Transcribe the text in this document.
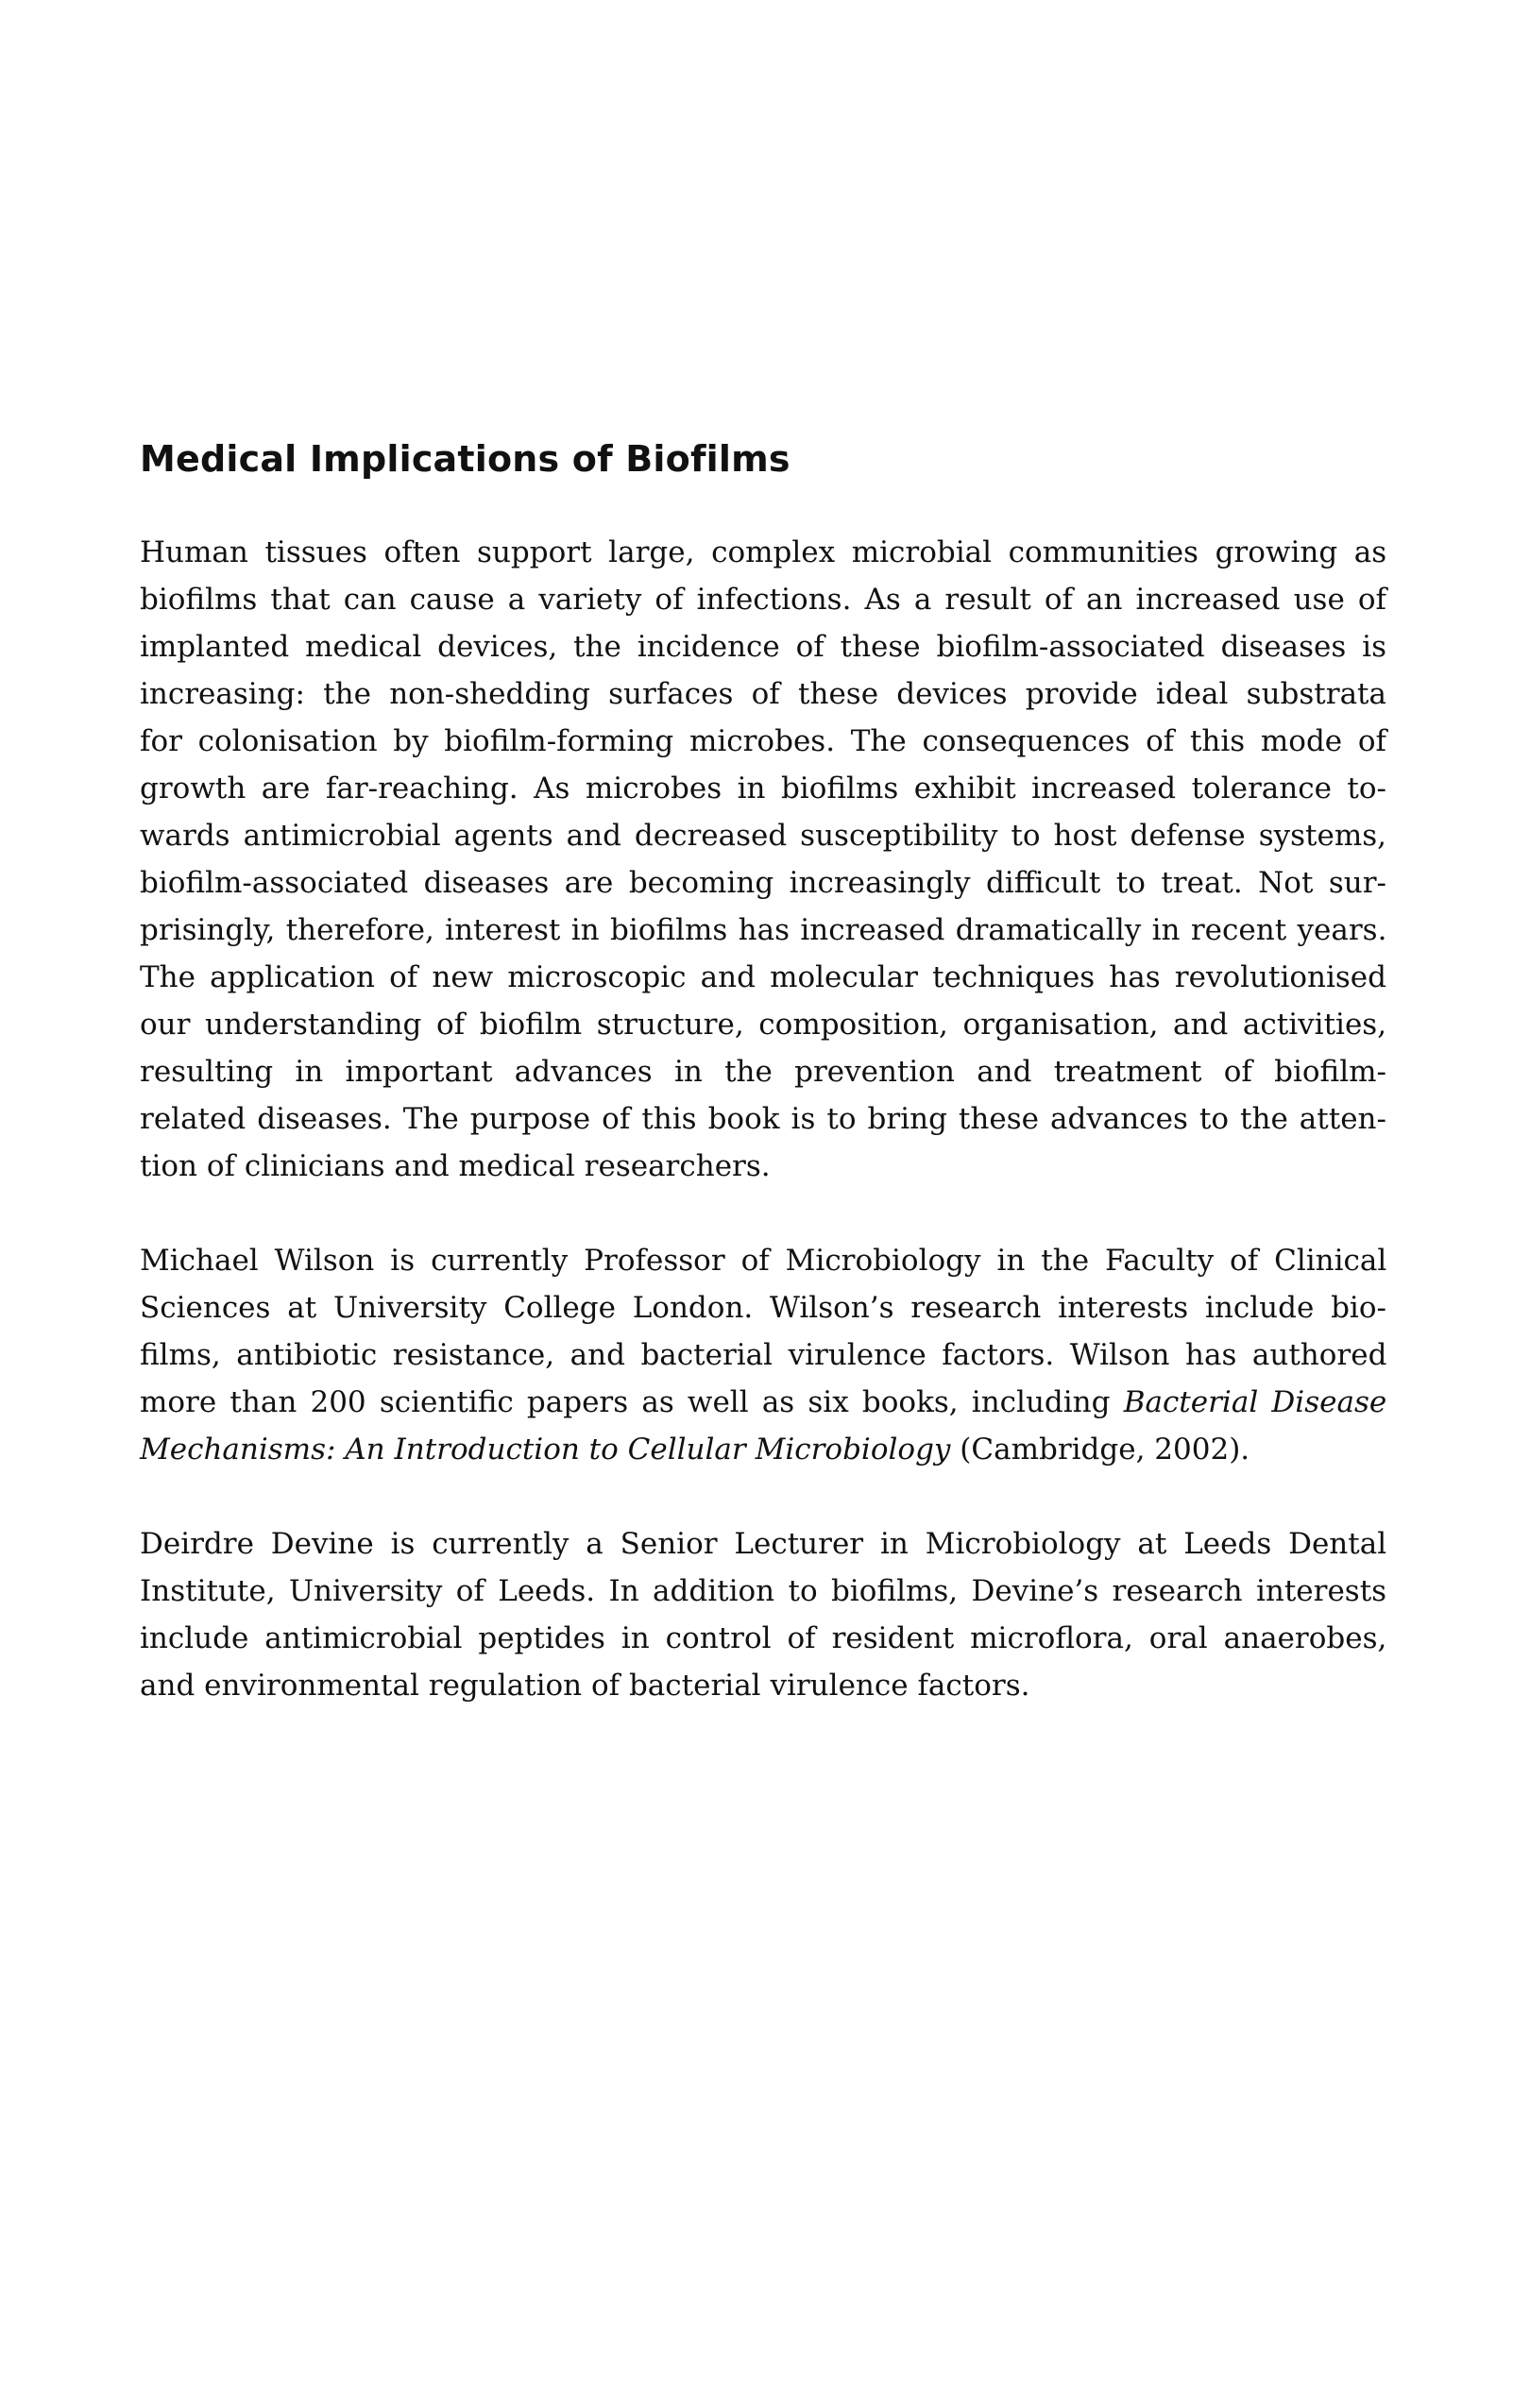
Medical Implications of Biofilms
Human tissues often support large, complex microbial communities growing as
biofilms that can cause a variety of infections. As a result of an increased use of
implanted medical devices, the incidence of these biofilm-associated diseases is
increasing: the non-shedding surfaces of these devices provide ideal substrata
for colonisation by biofilm-forming microbes. The consequences of this mode of
growth are far-reaching. As microbes in biofilms exhibit increased tolerance to-
wards antimicrobial agents and decreased susceptibility to host defense systems,
biofilm-associated diseases are becoming increasingly difficult to treat. Not sur-
prisingly, therefore, interest in biofilms has increased dramatically in recent years.
The application of new microscopic and molecular techniques has revolutionised
our understanding of biofilm structure, composition, organisation, and activities,
resulting in important advances in the prevention and treatment of biofilm-
related diseases. The purpose of this book is to bring these advances to the atten-
tion of clinicians and medical researchers.
Michael Wilson is currently Professor of Microbiology in the Faculty of Clinical
Sciences at University College London. Wilson’s research interests include bio-
films, antibiotic resistance, and bacterial virulence factors. Wilson has authored
more than 200 scientific papers as well as six books, including Bacterial Disease
Mechanisms: An Introduction to Cellular Microbiology (Cambridge, 2002).
Deirdre Devine is currently a Senior Lecturer in Microbiology at Leeds Dental
Institute, University of Leeds. In addition to biofilms, Devine’s research interests
include antimicrobial peptides in control of resident microflora, oral anaerobes,
and environmental regulation of bacterial virulence factors.
